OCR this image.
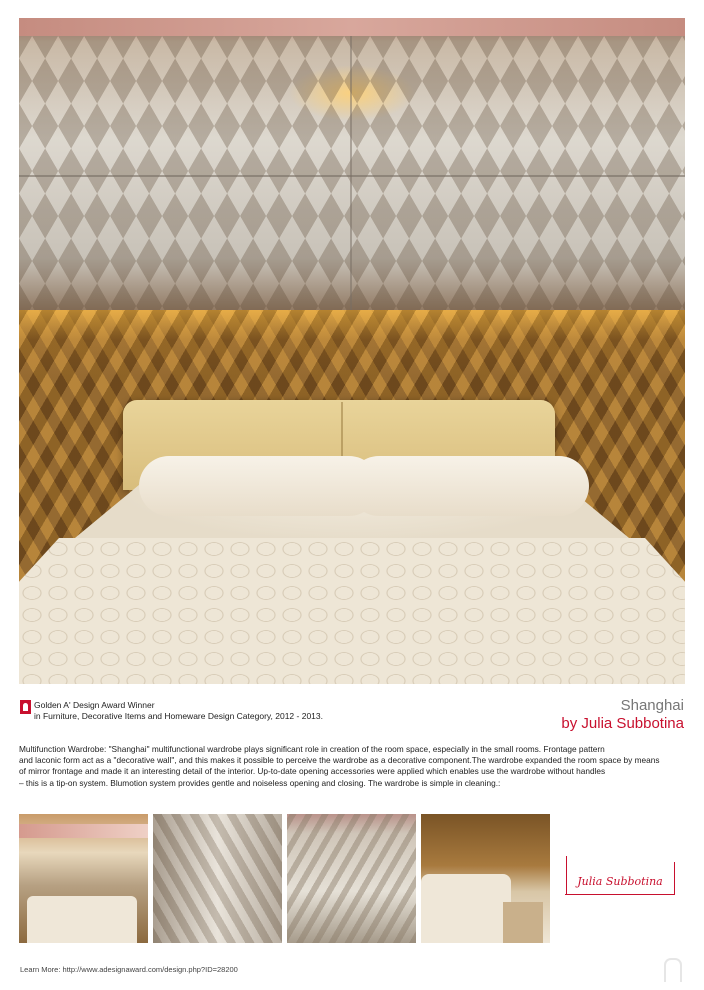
Golden A' Design Award Winner
in Furniture, Decorative Items and Homeware Design Category, 2012 - 2013.
Shanghai
by Julia Subbotina

Multifunction Wardrobe: "Shanghai" multifunctional wardrobe plays significant role in creation of the room space, especially in the small rooms. Frontage pattern

and laconic form act as a "decorative wall", and this makes it possible to perceive the wardrobe as a decorative component.The wardrobe expanded the room space by means

of mirror frontage and made it an interesting detail of the interior. Up-to-date opening accessories were applied which enables use the wardrobe without handles

– this is a tip-on system. Blumotion system provides gentle and noiseless opening and closing. The wardrobe is simple in cleaning.:

Julia Subbotina
Learn More: http://www.adesignaward.com/design.php?ID=28200
